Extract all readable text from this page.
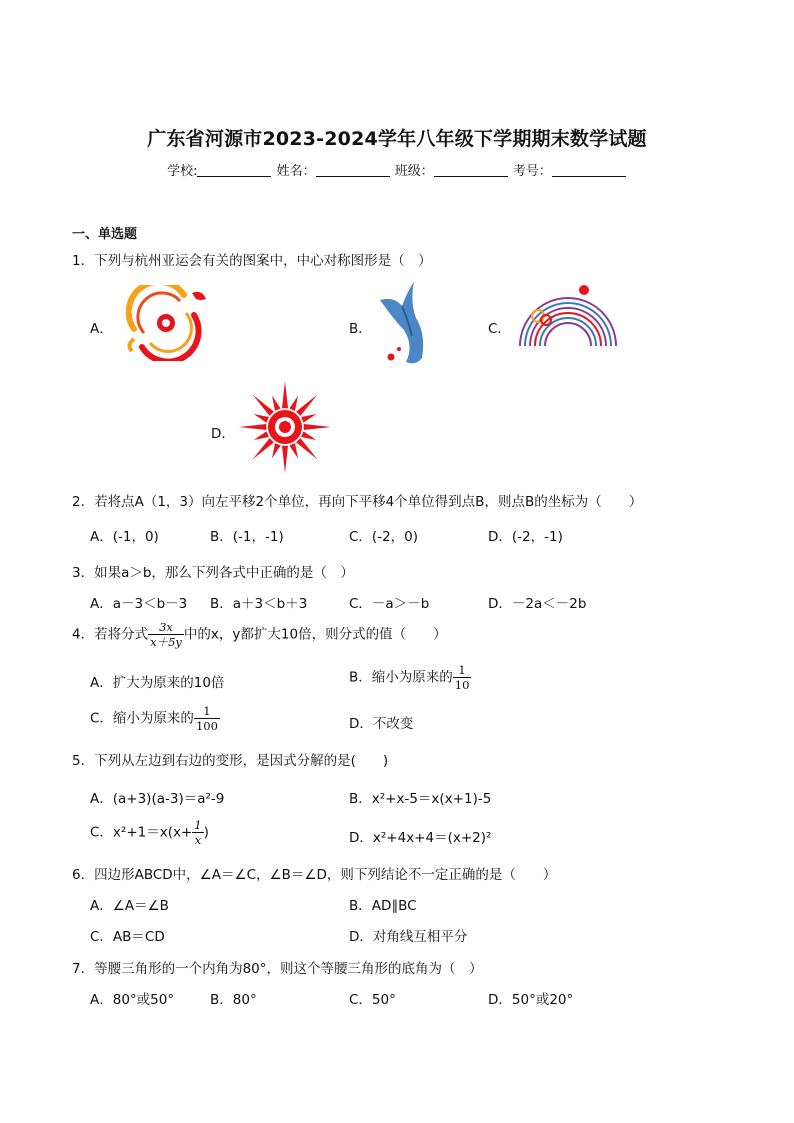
广东省河源市2023-2024学年八年级下学期期末数学试题
学校:	姓名：	班级：	考号：
一、单选题
1．下列与杭州亚运会有关的图案中，中心对称图形是（　）
A．	B．	C．
D．
2．若将点A（1，3）向左平移2个单位，再向下平移4个单位得到点B，则点B的坐标为（　　）
A．(-1，0)	B．(-1，-1)	C．(-2，0)	D．(-2，-1)
3．如果a＞b，那么下列各式中正确的是（　）
A．a－3＜b－3 B．a＋3＜b＋3	C．－a＞－b	D．－2a＜－2b
4．若将分式 $\frac{3x}{x+5y}$ 中的x，y都扩大10倍，则分式的值（　　）
A．扩大为原来的10倍	B．缩小为原来的 $\frac{1}{10}$
C．缩小为原来的 $\frac{1}{100}$	D．不改变
5．下列从左边到右边的变形，是因式分解的是(　　)
A．(a+3)(a-3)＝a²-9	B．x²+x-5＝x(x+1)-5
C．$x^2+1=x(x+ \frac{1}{x}$ )	D．x²+4x+4＝(x+2)²
6．四边形ABCD中，∠A＝∠C，∠B＝∠D，则下列结论不一定正确的是（　　）
A．∠A＝∠B	B．AD∥BC
C．AB＝CD	D．对角线互相平分
7．等腰三角形的一个内角为80°，则这个等腰三角形的底角为（　）
A．80°或50°	B．80°	C．50°	D．50°或20°
